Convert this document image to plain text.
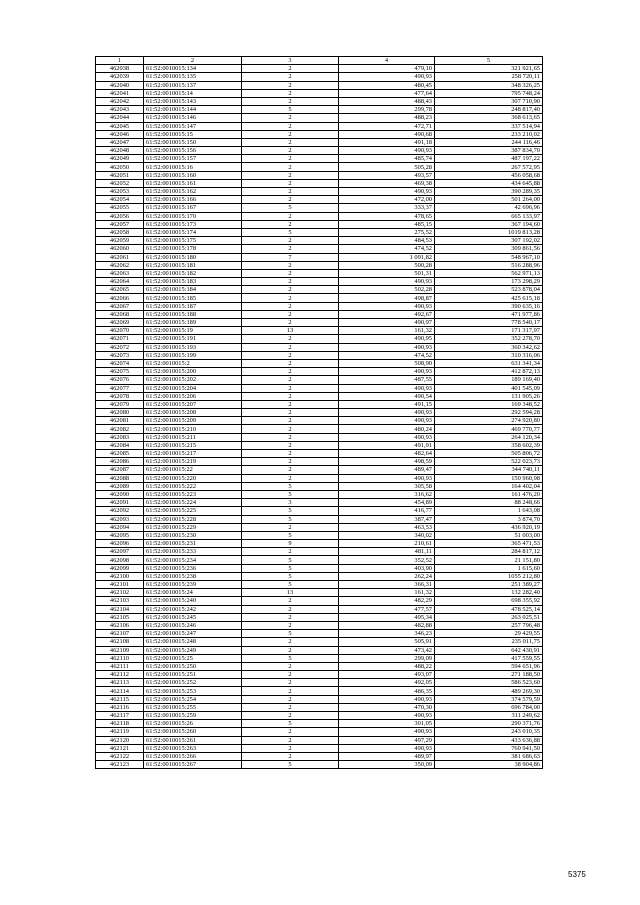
1	2	3	4	5
462038	61:52:0010015:134	2	479,10	321 921,65
462039	61:52:0010015:135	2	490,93	258 720,11
462040	61:52:0010015:137	2	480,45	348 326,25
462041	61:52:0010015:14	2	477,64	795 748,24
462042	61:52:0010015:143	2	488,43	307 710,90
462043	61:52:0010015:144	5	299,78	248 817,40
462044	61:52:0010015:146	2	488,23	368 613,65
462045	61:52:0010015:147	2	472,71	337 514,94
462046	61:52:0010015:15	2	490,68	233 210,02
462047	61:52:0010015:150	2	491,18	244 116,46
462048	61:52:0010015:156	2	490,93	387 834,70
462049	61:52:0010015:157	2	485,74	487 197,22
462050	61:52:0010015:16	2	505,28	267 572,95
462051	61:52:0010015:160	2	493,57	456 058,68
462052	61:52:0010015:161	2	469,38	434 645,88
462053	61:52:0010015:162	2	490,93	390 289,35
462054	61:52:0010015:166	2	472,00	501 264,00
462055	61:52:0010015:167	5	333,37	42 696,96
462056	61:52:0010015:170	2	478,65	665 133,97
462057	61:52:0010015:173	2	485,15	367 194,60
462058	61:52:0010015:174	5	275,52	1019 813,28
462059	61:52:0010015:175	2	484,53	307 192,02
462060	61:52:0010015:178	2	474,52	309 861,56
462061	61:52:0010015:180	7	1 091,82	548 967,10
462062	61:52:0010015:181	2	500,28	516 288,96
462063	61:52:0010015:182	2	501,31	562 971,13
462064	61:52:0010015:183	2	490,93	173 298,29
462065	61:52:0010015:184	2	502,28	523 878,04
462066	61:52:0010015:185	2	498,87	425 615,18
462067	61:52:0010015:187	2	490,93	390 635,16
462068	61:52:0010015:188	2	492,67	471 977,86
462069	61:52:0010015:189	2	490,97	778 540,17
462070	61:52:0010015:19	13	161,32	171 317,97
462071	61:52:0010015:191	2	490,95	352 278,70
462072	61:52:0010015:193	2	490,93	360 342,62
462073	61:52:0010015:199	2	474,52	310 316,06
462074	61:52:0010015:2	2	508,90	631 341,34
462075	61:52:0010015:200	2	490,93	412 872,13
462076	61:52:0010015:202	2	487,55	189 169,40
462077	61:52:0010015:204	2	490,93	401 545,09
462078	61:52:0010015:206	2	490,54	131 905,26
462079	61:52:0010015:207	2	491,15	169 348,52
462080	61:52:0010015:208	2	490,93	292 594,28
462081	61:52:0010015:209	2	490,93	274 920,80
462082	61:52:0010015:210	2	480,24	469 770,77
462083	61:52:0010015:211	2	490,93	264 120,34
462084	61:52:0010015:215	2	491,91	358 602,39
462085	61:52:0010015:217	2	482,64	505 806,72
462086	61:52:0010015:219	2	498,59	522 023,73
462087	61:52:0010015:22	2	489,47	344 740,11
462088	61:52:0010015:220	2	490,93	150 960,98
462089	61:52:0010015:222	5	305,58	164 402,04
462090	61:52:0010015:223	5	316,62	161 476,20
462091	61:52:0010015:224	3	454,89	88 248,66
462092	61:52:0010015:225	5	416,77	1 643,08
462093	61:52:0010015:228	5	387,47	3 874,70
462094	61:52:0010015:229	2	463,53	436 920,19
462095	61:52:0010015:230	5	340,02	51 003,00
462096	61:52:0010015:231	9	210,61	365 471,53
462097	61:52:0010015:233	2	481,11	284 817,12
462098	61:52:0010015:234	5	352,52	21 151,80
462099	61:52:0010015:236	5	403,90	1 615,60
462100	61:52:0010015:238	5	262,24	1055 212,80
462101	61:52:0010015:239	5	366,31	251 389,27
462102	61:52:0010015:24	13	161,32	132 282,40
462103	61:52:0010015:240	2	482,29	698 355,92
462104	61:52:0010015:242	2	477,57	478 525,14
462105	61:52:0010015:245	2	495,34	263 025,51
462106	61:52:0010015:246	2	482,88	257 796,48
462107	61:52:0010015:247	5	346,23	29 429,55
462108	61:52:0010015:248	2	505,91	235 011,75
462109	61:52:0010015:249	2	473,42	642 430,91
462110	61:52:0010015:25	5	299,09	417 559,55
462111	61:52:0010015:250	2	488,22	594 651,96
462112	61:52:0010015:251	2	493,07	271 188,50
462113	61:52:0010015:252	2	492,05	586 523,60
462114	61:52:0010015:253	2	486,35	489 269,30
462115	61:52:0010015:254	2	490,93	374 579,59
462116	61:52:0010015:255	2	470,30	696 784,00
462117	61:52:0010015:259	2	490,93	311 249,62
462118	61:52:0010015:26	5	301,05	290 371,76
462119	61:52:0010015:260	2	490,93	243 010,35
462120	61:52:0010015:261	2	497,29	433 636,88
462121	61:52:0010015:263	2	490,93	760 941,50
462122	61:52:0010015:266	2	489,97	381 686,63
462123	61:52:0010015:267	5	350,09	38 904,86
5375
